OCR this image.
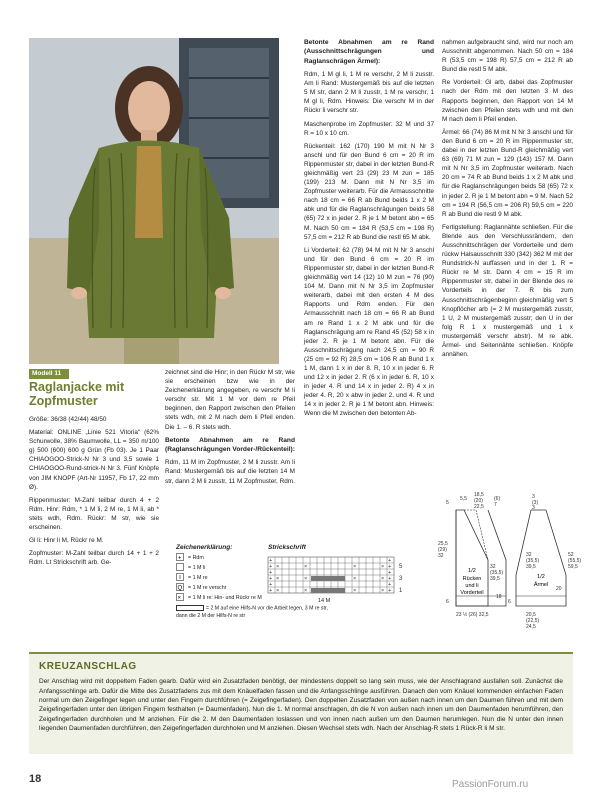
Modell 11
Raglanjacke mit Zopfmuster

Größe: 36/38 (42/44) 48/50

Material: ONLINE „Linie 521 Vitoria“ (62% Schurwolle, 38% Baumwolle, LL = 350 m/100 g) 500 (600) 600 g Grün (Fb 03). Je 1 Paar CHIAOGOO-Strick-N Nr 3 und 3,5 sowie 1 CHIAOGOO-Rund-strick-N Nr 3. Fünf Knöpfe von JIM KNOPF (Art-Nr 11957, Fb 17, 22 mm Ø).

Rippenmuster: M-Zahl teilbar durch 4 + 2 Rdm. Hinr: Rdm, * 1 M li, 2 M re, 1 M li, ab * stets wdh, Rdm. Rückr: M str, wie sie erscheinen.

Gl li: Hinr li M, Rückr re M.

Zopfmuster: M-Zahl teilbar durch 14 + 1 + 2 Rdm. Lt Strickschrift arb. Ge-

zeichnet sind die Hinr; in den Rückr M str, wie sie erscheinen bzw wie in der Zeichenerklärung angegeben, re verschr M li verschr str. Mit 1 M vor dem re Pfeil beginnen, den Rapport zwischen den Pfeilen stets wdh, mit 2 M nach dem li Pfeil enden. Die 1. – 6. R stets wdh.

Betonte Abnahmen am re Rand (Raglanschrägungen Vorder-/Rückenteil):

Rdm, 11 M im Zopfmuster, 2 M li zusstr. Am li Rand: Mustergemäß bis auf die letzten 14 M str, dann 2 M li zusstr, 11 M Zopfmuster, Rdm.

Betonte Abnahmen am re Rand (Ausschnittschrägungen und Raglanschrägen Ärmel):

Rdm, 1 M gl li, 1 M re verschr, 2 M li zusstr. Am li Rand: Mustergemäß bis auf die letzten 5 M str, dann 2 M li zusstr, 1 M re verschr, 1 M gl li, Rdm. Hinweis: Die verschr M in der Rückr li verschr str.

Maschenprobe im Zopfmuster: 32 M und 37 R = 10 x 10 cm.

Rückenteil: 162 (170) 190 M mit N Nr 3 anschl und für den Bund 6 cm = 20 R im Rippenmuster str, dabei in der letzten Bund-R gleichmäßig vert 23 (29) 23 M zun = 185 (199) 213 M. Dann mit N Nr 3,5 im Zopfmuster weiterarb. Für die Armausschnitte nach 18 cm = 66 R ab Bund beids 1 x 2 M abk und für die Raglanschrägungen beids 58 (65) 72 x in jeder 2. R je 1 M betont abn = 65 M. Nach 50 cm = 184 R (53,5 cm = 198 R) 57,5 cm = 212 R ab Bund die restl 65 M abk.

Li Vorderteil: 62 (78) 94 M mit N Nr 3 anschl und für den Bund 6 cm = 20 R im Rippenmuster str, dabei in der letzten Bund-R gleichmäßig vert 14 (12) 10 M zun = 76 (90) 104 M. Dann mit N Nr 3,5 im Zopfmuster weiterarb, dabei mit den ersten 4 M des Rapports und Rdm enden. Für den Armausschnitt nach 18 cm = 66 R ab Bund am re Rand 1 x 2 M abk und für die Raglanschrägung am re Rand 45 (52) 58 x in jeder 2. R je 1 M betont abn. Für die Ausschnittschrägung nach 24,5 cm = 90 R (25 cm = 92 R) 28,5 cm = 106 R ab Bund 1 x 1 M, dann 1 x in der 8. R, 10 x in jeder 6. R und 12 x in jeder 2. R (6 x in jeder 6. R, 10 x in jeder 4. R und 14 x in jeder 2. R) 4 x in jeder 4. R, 20 x abw in jeder 2. und 4. R und 14 x in jeder 2. R je 1 M betont abn. Hinweis: Wenn die M zwischen den betonten Ab-

nahmen aufgebraucht sind, wird nur noch am Ausschnitt abgenommen. Nach 50 cm = 184 R (53,5 cm = 198 R) 57,5 cm = 212 R ab Bund die restl 5 M abk.

Re Vorderteil: Gl arb, dabei das Zopfmuster nach der Rdm mit den letzten 3 M des Rapports beginnen, den Rapport von 14 M zwischen den Pfeilen stets wdh und mit den M nach dem li Pfeil enden.

Ärmel: 66 (74) 86 M mit N Nr 3 anschl und für den Bund 6 cm = 20 R im Rippenmuster str, dabei in der letzten Bund-R gleichmäßig vert 63 (69) 71 M zun = 129 (143) 157 M. Dann mit N Nr 3,5 im Zopfmuster weiterarb. Nach 20 cm = 74 R ab Bund beids 1 x 2 M abk und für die Raglanschrägungen beids 58 (65) 72 x in jeder 2. R je 1 M betont abn = 9 M. Nach 52 cm = 194 R (56,5 cm = 206 R) 59,5 cm = 220 R ab Bund die restl 9 M abk.

Fertigstellung: Raglannähte schließen. Für die Blende aus den Verschlussrändern, den Ausschnittschrägen der Vorderteile und dem rückw Halsausschnitt 330 (342) 362 M mit der Rundstrick-N auffassen und in der 1. R = Rückr re M str. Dann 4 cm = 15 R im Rippenmuster str, dabei in der Blende des re Vorderteils in der 7. R bis zum Ausschnittschrägenbeginn gleichmäßig vert 5 Knopflöcher arb (= 2 M mustergemäß zusstr, 1 U, 2 M mustergemäß zusstr; den U in der folg R 1 x mustergemäß und 1 x mustergemäß verschr abstr). M re abk. Ärmel- und Seitennähte schließen. Knöpfe annähen.

Zeichenerklärung:
+
Q
×
= Rdm
= 1 M li
= 1 M re
= 1 M re verschr
= 1 M li re: Hin- und Rückr re M
= 2 M auf eine Hilfs-N vor die Arbeit legen, 3 M re str, dann die 2 M der Hilfs-N re str
Strickschrift
+
+
+
+
+
+
+
+
+
+
+
+
×
×
×
×
×
×
×
×
×
×
×
×
5
3
1
14 M
1/2
Rücken
und li
Vorderteil
1/2
Ärmel
5
5,5
18,5
(20)
22,5
(6)
7
3
(3)
3
25,5
(29)
32
32
(35,5)
39,5
18
6
23 ½ (26) 32,5
52
(55,5)
59,5
32
(35,5)
39,5
20
6
20,5
(22,5)
24,5
KREUZANSCHLAG

Der Anschlag wird mit doppeltem Faden gearb. Dafür wird ein Zusatzfaden benötigt, der mindestens doppelt so lang sein muss, wie der Anschlagrand ausfallen soll. Zunächst die Anfangsschlinge arb. Dafür die Mitte des Zusatzfadens zus mit dem Knäuelfaden fassen und die Anfangsschlinge ausführen. Danach den vom Knäuel kommenden einfachen Faden normal um den Zeigefinger legen und unter den Fingern durchführen (= Zeigefingerfaden). Den doppelten Zusatzfaden von außen nach innen um den Daumen führen und mit dem Zeigefingerfaden unter den übrigen Fingern festhalten (= Daumenfaden). Nun die 1. M normal anschlagen, dh die N von außen nach innen um den Daumenfaden herumführen, den Zeigefingerfaden durchholen und M anziehen. Für die 2. M den Daumenfaden loslassen und von innen nach außen um den Daumen herumlegen. Nun die N unter den innen liegenden Daumenfaden durchführen, den Zeigefingerfaden durchholen und M anziehen. Diesen Wechsel stets wdh. Nach der Anschlag-R stets 1 Rück-R li M str.

18	PassionForum.ru
